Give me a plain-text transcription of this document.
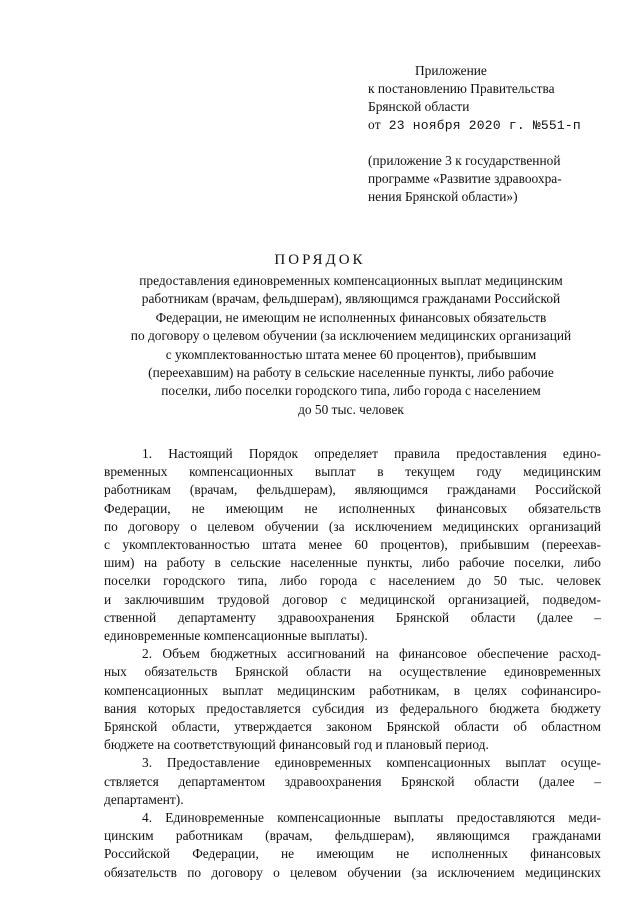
Приложение
к постановлению Правительства
Брянской области
от 23 ноября 2020 г. №551-п
(приложение 3 к государственной
программе «Развитие здравоохра-
нения Брянской области»)
ПОРЯДОК
предоставления единовременных компенсационных выплат медицинским
работникам (врачам, фельдшерам), являющимся гражданами Российской
Федерации, не имеющим не исполненных финансовых обязательств
по договору о целевом обучении (за исключением медицинских организаций
с укомплектованностью штата менее 60 процентов), прибывшим
(переехавшим) на работу в сельские населенные пункты, либо рабочие
поселки, либо поселки городского типа, либо города с населением
до 50 тыс. человек

1. Настоящий Порядок определяет правила предоставления едино-
временных компенсационных выплат в текущем году медицинским
работникам (врачам, фельдшерам), являющимся гражданами Российской
Федерации, не имеющим не исполненных финансовых обязательств
по договору о целевом обучении (за исключением медицинских организаций
с укомплектованностью штата менее 60 процентов), прибывшим (переехав-
шим) на работу в сельские населенные пункты, либо рабочие поселки, либо
поселки городского типа, либо города с населением до 50 тыс. человек
и заключившим трудовой договор с медицинской организацией, подведом-
ственной департаменту здравоохранения Брянской области (далее –
единовременные компенсационные выплаты).

2. Объем бюджетных ассигнований на финансовое обеспечение расход-
ных обязательств Брянской области на осуществление единовременных
компенсационных выплат медицинским работникам, в целях софинансиро-
вания которых предоставляется субсидия из федерального бюджета бюджету
Брянской области, утверждается законом Брянской области об областном
бюджете на соответствующий финансовый год и плановый период.

3. Предоставление единовременных компенсационных выплат осуще-
ствляется департаментом здравоохранения Брянской области (далее –
департамент).

4. Единовременные компенсационные выплаты предоставляются меди-
цинским работникам (врачам, фельдшерам), являющимся гражданами
Российской Федерации, не имеющим не исполненных финансовых
обязательств по договору о целевом обучении (за исключением медицинских
